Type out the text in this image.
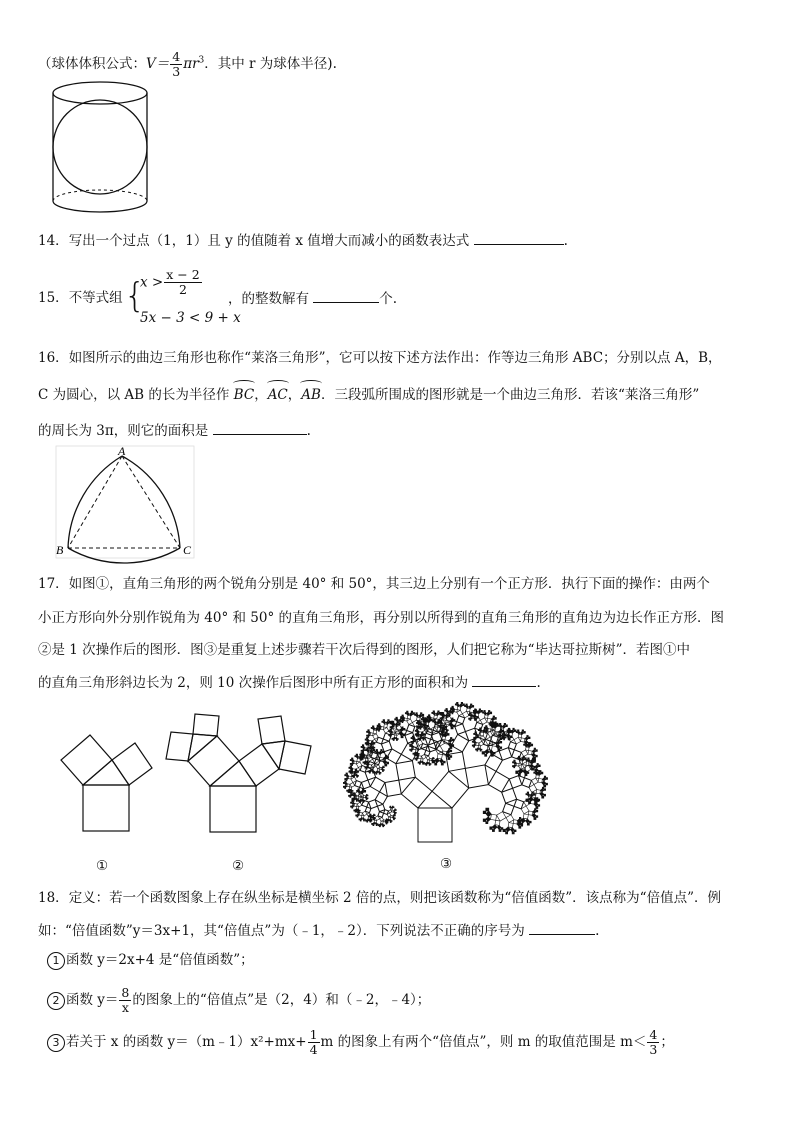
（球体体积公式：$V= \frac{4}{3} \pi r^3$．其中 r 为球体半径).
14．写出一个过点（1，1）且 y 的值随着 x 值增大而减小的函数表达式	.
15．不等式组 {
$x > \frac{x - 2}{2}$
5x − 3 < 9 + x
，的整数解有	个.
16．如图所示的曲边三角形也称作“莱洛三角形”，它可以按下述方法作出：作等边三角形 ABC；分别以点 A，B，
C 为圆心，以 AB 的长为半径作 BC，AC，AB．三段弧所围成的图形就是一个曲边三角形．若该“莱洛三角形”
的周长为 3π，则它的面积是	.
A
B	C
17．如图①，直角三角形的两个锐角分别是 40° 和 50°，其三边上分别有一个正方形．执行下面的操作：由两个
小正方形向外分别作锐角为 40° 和 50° 的直角三角形，再分别以所得到的直角三角形的直角边为边长作正方形．图
②是 1 次操作后的图形．图③是重复上述步骤若干次后得到的图形，人们把它称为“毕达哥拉斯树”．若图①中
的直角三角形斜边长为 2，则 10 次操作后图形中所有正方形的面积和为	.
①	②	③
18．定义：若一个函数图象上存在纵坐标是横坐标 2 倍的点，则把该函数称为“倍值函数”．该点称为“倍值点”．例
如：“倍值函数”y＝3x+1，其“倍值点”为（﹣1，﹣2）．下列说法不正确的序号为	.
1 函数 y＝2x+4 是“倍值函数”；
2 函数 $y= \frac{8}{x}$ 的图象上的“倍值点”是（2，4）和（﹣2，﹣4）；
3 若关于 x 的函数 y＝（m﹣1）x²+mx+ $\frac{1}{4}$ m 的图象上有两个“倍值点”，则 m 的取值范围是 $m< \frac{4}{3}$ ；
